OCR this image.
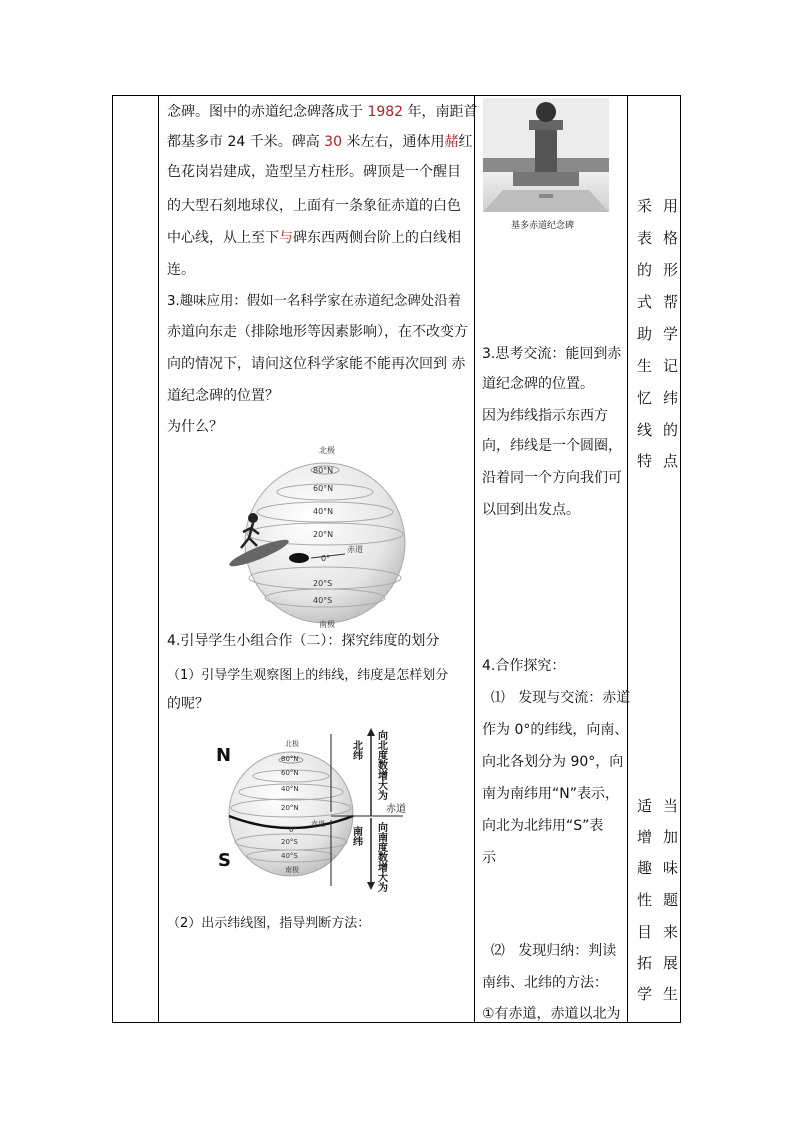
念碑。图中的赤道纪念碑落成于 1982 年，南距首
都基多市 24 千米。碑高 30 米左右，通体用赭红
色花岗岩建成，造型呈方柱形。碑顶是一个醒目
的大型石刻地球仪，上面有一条象征赤道的白色
中心线，从上至下与碑东西两侧台阶上的白线相
连。
3.趣味应用：假如一名科学家在赤道纪念碑处沿着
赤道向东走（排除地形等因素影响），在不改变方
向的情况下，请问这位科学家能不能再次回到 赤
道纪念碑的位置？
为什么？
北极
80°N
60°N
40°N
20°N
0°
赤道
20°S
40°S
南极
4.引导学生小组合作（二）：探究纬度的划分
（1）引导学生观察图上的纬线，纬度是怎样划分
的呢？
N
S
北极
80°N
60°N
40°N
20°N
0°
赤道
20°S
40°S
南极
北纬 向北度数增大为
南纬 向南度数增大为
赤道
（2）出示纬线图，指导判断方法：
基多赤道纪念碑
3.思考交流：能回到赤
道纪念碑的位置。
因为纬线指示东西方
向，纬线是一个圆圈，
沿着同一个方向我们可
以回到出发点。
4.合作探究：
⑴   发现与交流：赤道
作为 0°的纬线，向南、
向北各划分为 90°，向
南为南纬用“N”表示，
向北为北纬用“S”表
示
⑵   发现归纳：判读
南纬、北纬的方法：
①有赤道，赤道以北为
采 用
表 格
的 形
式 帮
助 学
生 记
忆 纬
线 的
特 点
适 当
增 加
趣 味
性 题
目 来
拓 展
学 生
